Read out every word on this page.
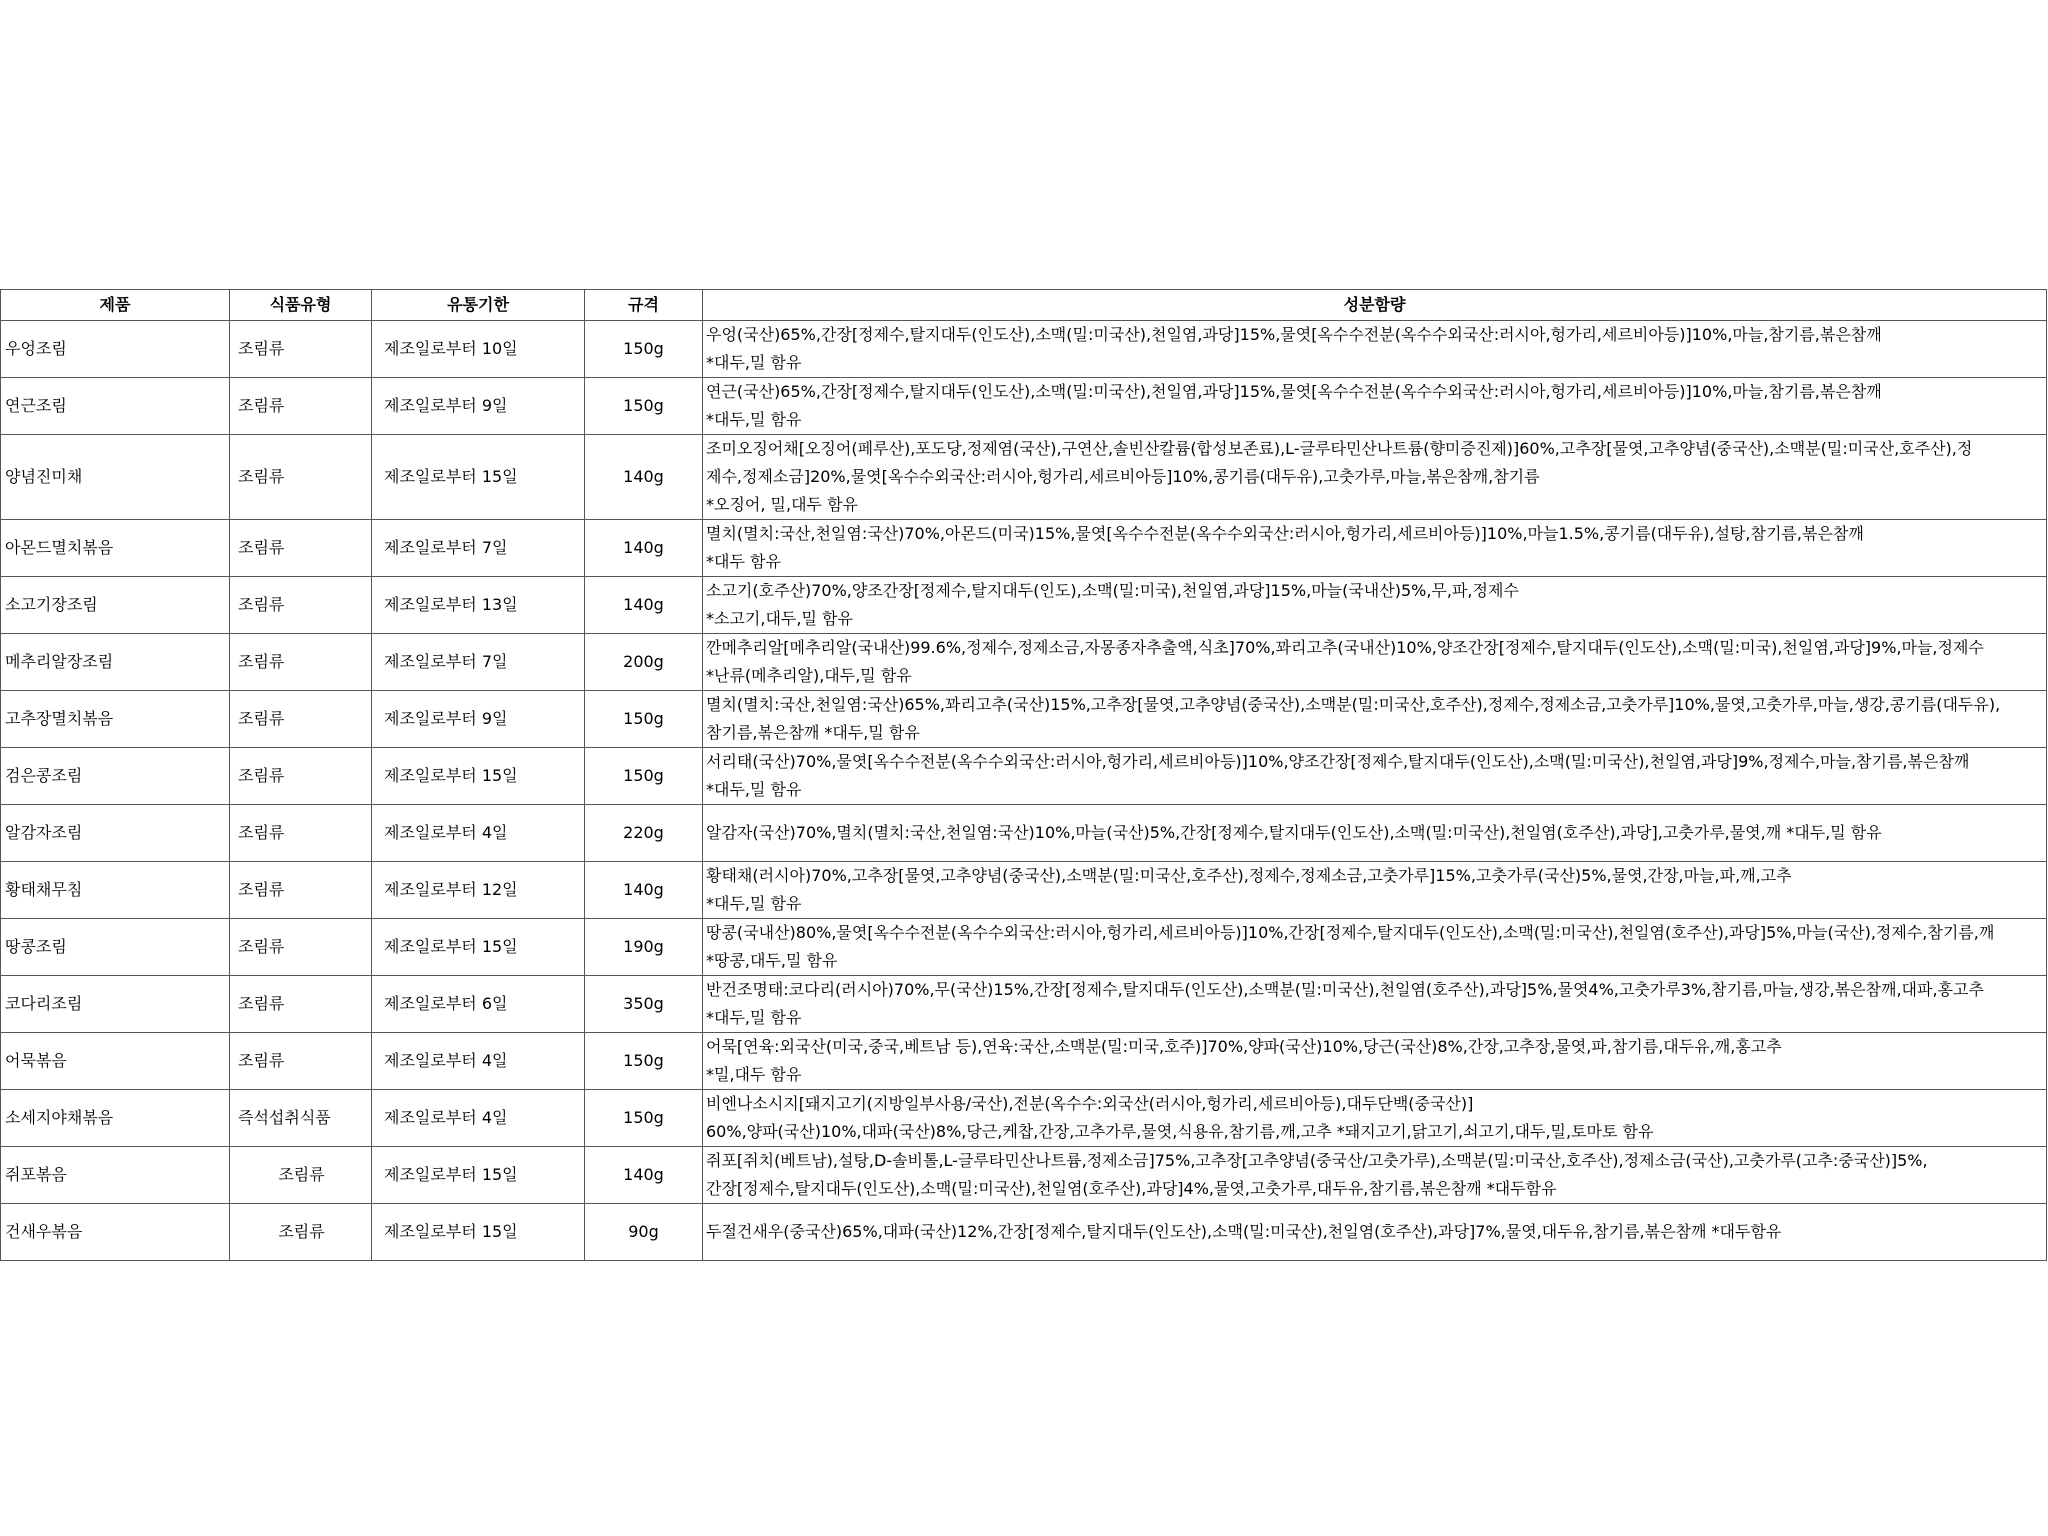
제품	식품유형	유통기한	규격	성분함량
우엉조림	조림류	제조일로부터 10일	150g	우엉(국산)65%,간장[정제수,탈지대두(인도산),소맥(밀:미국산),천일염,과당]15%,물엿[옥수수전분(옥수수외국산:러시아,헝가리,세르비아등)]10%,마늘,참기름,볶은참깨
*대두,밀 함유

연근조림	조림류	제조일로부터 9일	150g	연근(국산)65%,간장[정제수,탈지대두(인도산),소맥(밀:미국산),천일염,과당]15%,물엿[옥수수전분(옥수수외국산:러시아,헝가리,세르비아등)]10%,마늘,참기름,볶은참깨
*대두,밀 함유

양념진미채	조림류	제조일로부터 15일	140g	조미오징어채[오징어(페루산),포도당,정제염(국산),구연산,솔빈산칼륨(합성보존료),L-글루타민산나트륨(향미증진제)]60%,고추장[물엿,고추양념(중국산),소맥분(밀:미국산,호주산),정
제수,정제소금]20%,물엿[옥수수외국산:러시아,헝가리,세르비아등]10%,콩기름(대두유),고춧가루,마늘,볶은참깨,참기름
*오징어, 밀,대두 함유

아몬드멸치볶음	조림류	제조일로부터 7일	140g	멸치(멸치:국산,천일염:국산)70%,아몬드(미국)15%,물엿[옥수수전분(옥수수외국산:러시아,헝가리,세르비아등)]10%,마늘1.5%,콩기름(대두유),설탕,참기름,볶은참깨
*대두 함유

소고기장조림	조림류	제조일로부터 13일	140g	소고기(호주산)70%,양조간장[정제수,탈지대두(인도),소맥(밀:미국),천일염,과당]15%,마늘(국내산)5%,무,파,정제수
*소고기,대두,밀 함유

메추리알장조림	조림류	제조일로부터 7일	200g	깐메추리알[메추리알(국내산)99.6%,정제수,정제소금,자몽종자추출액,식초]70%,꽈리고추(국내산)10%,양조간장[정제수,탈지대두(인도산),소맥(밀:미국),천일염,과당]9%,마늘,정제수
*난류(메추리알),대두,밀 함유

고추장멸치볶음	조림류	제조일로부터 9일	150g	멸치(멸치:국산,천일염:국산)65%,꽈리고추(국산)15%,고추장[물엿,고추양념(중국산),소맥분(밀:미국산,호주산),정제수,정제소금,고춧가루]10%,물엿,고춧가루,마늘,생강,콩기름(대두유),
참기름,볶은참깨 *대두,밀 함유

검은콩조림	조림류	제조일로부터 15일	150g	서리태(국산)70%,물엿[옥수수전분(옥수수외국산:러시아,헝가리,세르비아등)]10%,양조간장[정제수,탈지대두(인도산),소맥(밀:미국산),천일염,과당]9%,정제수,마늘,참기름,볶은참깨
*대두,밀 함유

알감자조림	조림류	제조일로부터 4일	220g	알감자(국산)70%,멸치(멸치:국산,천일염:국산)10%,마늘(국산)5%,간장[정제수,탈지대두(인도산),소맥(밀:미국산),천일염(호주산),과당],고춧가루,물엿,깨 *대두,밀 함유

황태채무침	조림류	제조일로부터 12일	140g	황태채(러시아)70%,고추장[물엿,고추양념(중국산),소맥분(밀:미국산,호주산),정제수,정제소금,고춧가루]15%,고춧가루(국산)5%,물엿,간장,마늘,파,깨,고추
*대두,밀 함유

땅콩조림	조림류	제조일로부터 15일	190g	땅콩(국내산)80%,물엿[옥수수전분(옥수수외국산:러시아,헝가리,세르비아등)]10%,간장[정제수,탈지대두(인도산),소맥(밀:미국산),천일염(호주산),과당]5%,마늘(국산),정제수,참기름,깨
*땅콩,대두,밀 함유

코다리조림	조림류	제조일로부터 6일	350g	반건조명태:코다리(러시아)70%,무(국산)15%,간장[정제수,탈지대두(인도산),소맥분(밀:미국산),천일염(호주산),과당]5%,물엿4%,고춧가루3%,참기름,마늘,생강,볶은참깨,대파,홍고추
*대두,밀 함유

어묵볶음	조림류	제조일로부터 4일	150g	어묵[연육:외국산(미국,중국,베트남 등),연육:국산,소맥분(밀:미국,호주)]70%,양파(국산)10%,당근(국산)8%,간장,고추장,물엿,파,참기름,대두유,깨,홍고추
*밀,대두 함유

소세지야채볶음	즉석섭취식품	제조일로부터 4일	150g	비엔나소시지[돼지고기(지방일부사용/국산),전분(옥수수:외국산(러시아,헝가리,세르비아등),대두단백(중국산)]
60%,양파(국산)10%,대파(국산)8%,당근,케찹,간장,고추가루,물엿,식용유,참기름,깨,고추 *돼지고기,닭고기,쇠고기,대두,밀,토마토 함유

쥐포볶음	조림류	제조일로부터 15일	140g	쥐포[쥐치(베트남),설탕,D-솔비톨,L-글루타민산나트륨,정제소금]75%,고추장[고추양념(중국산/고춧가루),소맥분(밀:미국산,호주산),정제소금(국산),고춧가루(고추:중국산)]5%,
간장[정제수,탈지대두(인도산),소맥(밀:미국산),천일염(호주산),과당]4%,물엿,고춧가루,대두유,참기름,볶은참깨 *대두함유

건새우볶음	조림류	제조일로부터 15일	90g	두절건새우(중국산)65%,대파(국산)12%,간장[정제수,탈지대두(인도산),소맥(밀:미국산),천일염(호주산),과당]7%,물엿,대두유,참기름,볶은참깨 *대두함유
